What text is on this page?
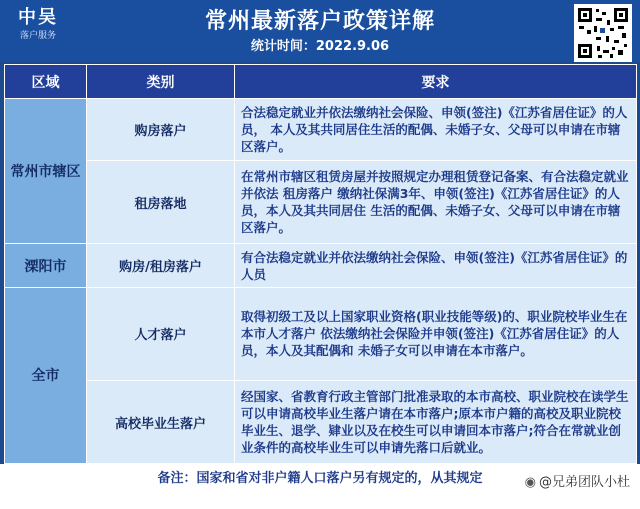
中吴
落户服务
常州最新落户政策详解
统计时间：2022.9.06
区域	类别	要求
常州市辖区	购房落户	合法稳定就业并依法缴纳社会保险、申领(签注)《江苏省居住证》的人员， 本人及其共同居住生活的配偶、未婚子女、父母可以申请在市辖区落户。
	租房落地	在常州市辖区租赁房屋并按照规定办理租赁登记备案、有合法稳定就业并依法 租房落户 缴纳社保满3年、申领(签注)《江苏省居住证》的人员，本人及其共同居住 生活的配偶、未婚子女、父母可以申请在市辖区落户。
溧阳市	购房/租房落户	有合法稳定就业并依法缴纳社会保险、申领(签注)《江苏省居住证》的人员
全市	人才落户	取得初级工及以上国家职业资格(职业技能等级)的、职业院校毕业生在本市人才落户 依法缴纳社会保险并申领(签注)《江苏省居住证》的人员，本人及其配偶和 未婚子女可以申请在本市落户。
	高校毕业生落户	经国家、省教育行政主管部门批准录取的本市高校、职业院校在读学生可以申请高校毕业生落户请在本市落户;原本市户籍的高校及职业院校毕业生、退学、肄业以及在校生可以申请回本市落户;符合在常就业创业条件的高校毕业生可以申请先落口后就业。
备注：国家和省对非户籍人口落户另有规定的，从其规定	◉ @兄弟团队小杜
